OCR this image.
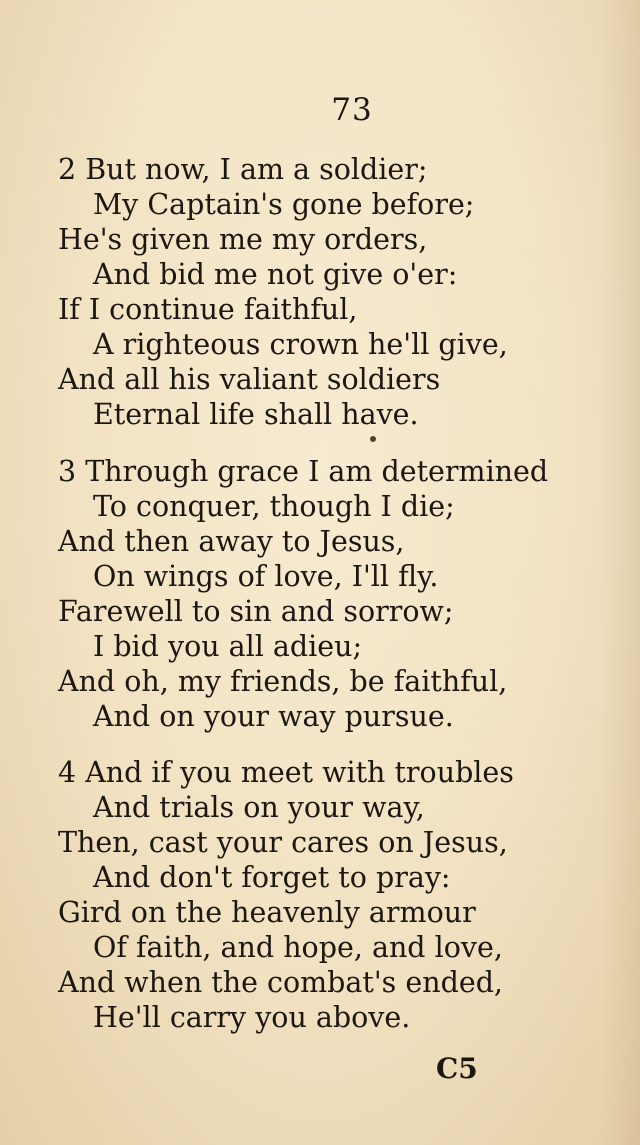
73
2 But now, I am a soldier;
My Captain's gone before;
He's given me my orders,
And bid me not give o'er:
If I continue faithful,
A righteous crown he'll give,
And all his valiant soldiers
Eternal life shall have.
3 Through grace I am determined
To conquer, though I die;
And then away to Jesus,
On wings of love, I'll fly.
Farewell to sin and sorrow;
I bid you all adieu;
And oh, my friends, be faithful,
And on your way pursue.
4 And if you meet with troubles
And trials on your way,
Then, cast your cares on Jesus,
And don't forget to pray:
Gird on the heavenly armour
Of faith, and hope, and love,
And when the combat's ended,
He'll carry you above.
C5
